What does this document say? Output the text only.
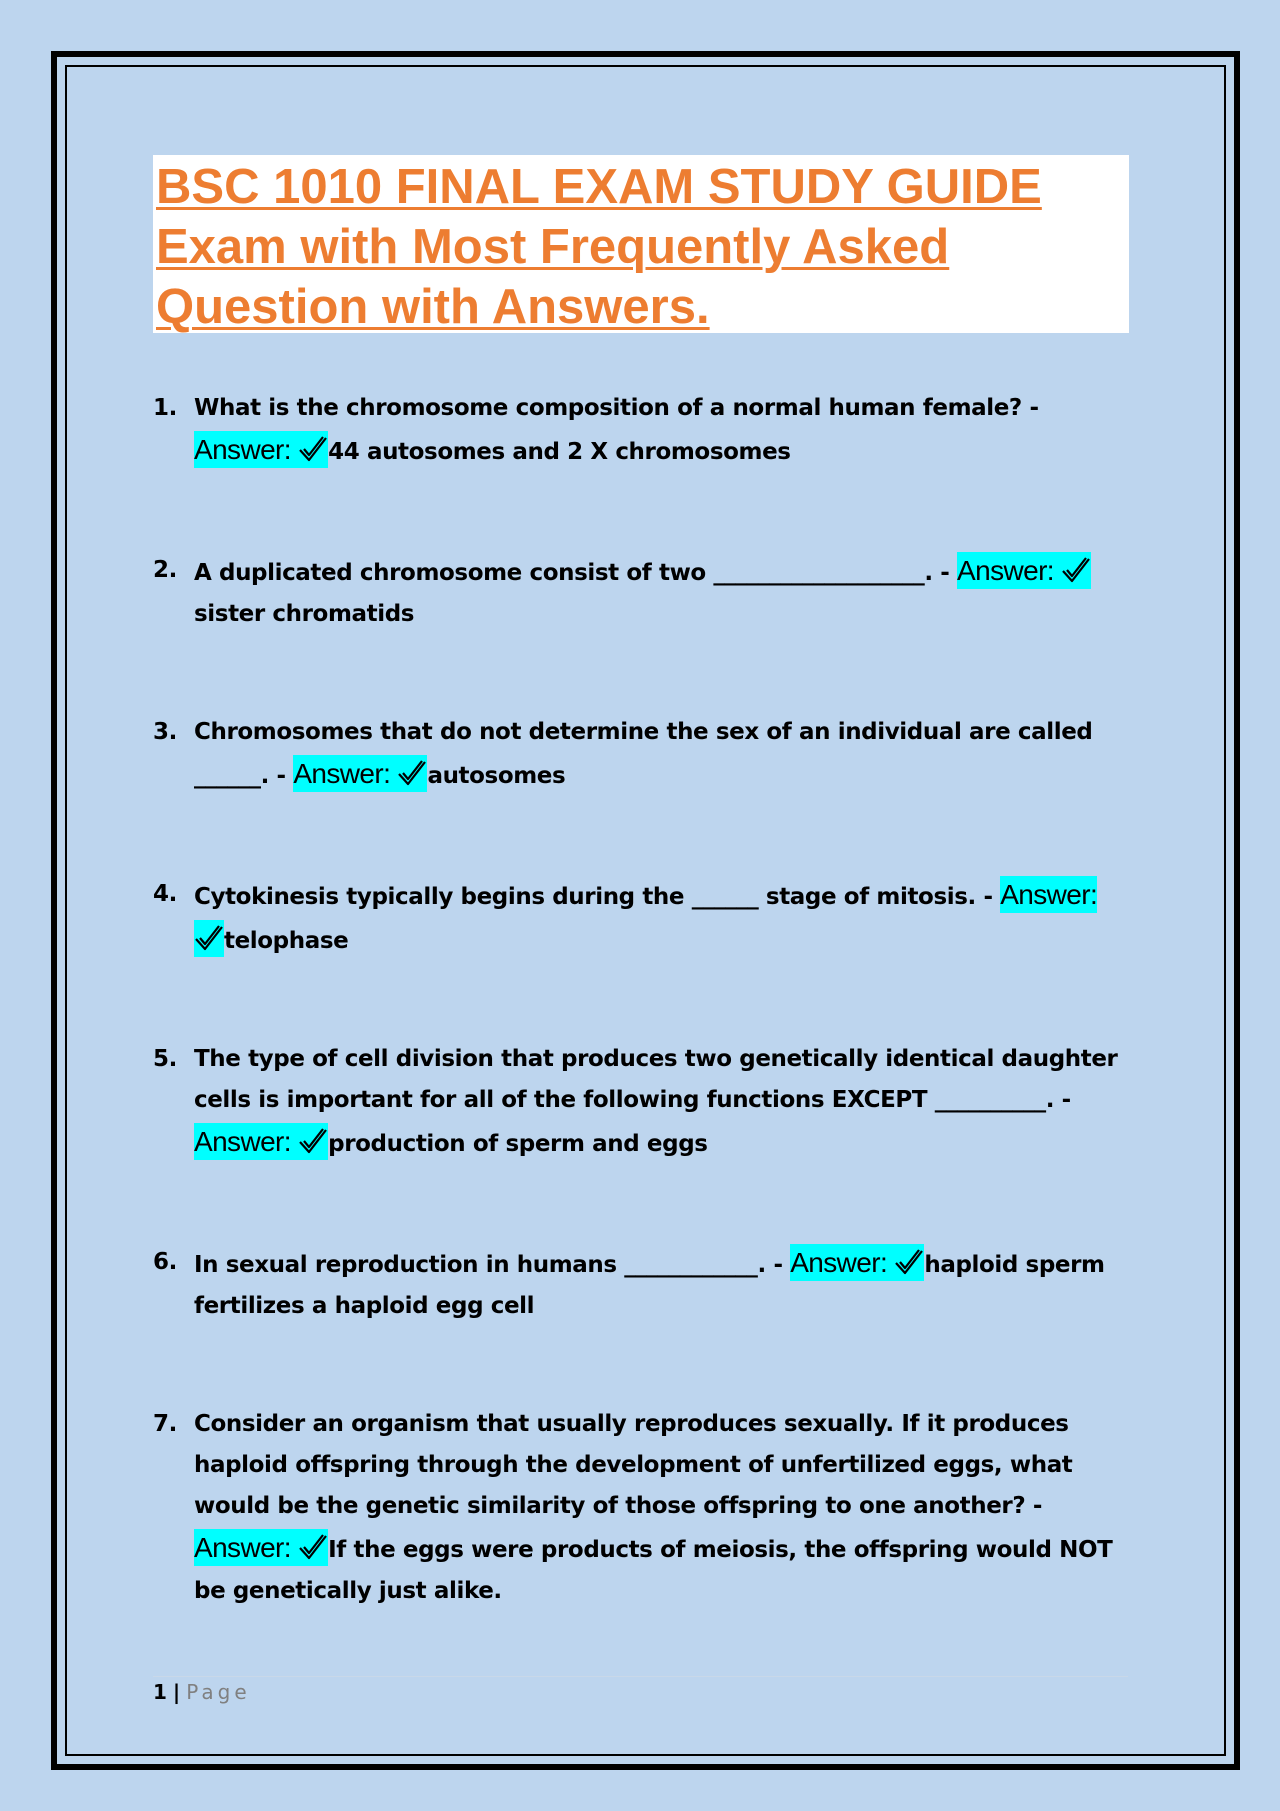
BSC 1010 FINAL EXAM STUDY GUIDE
Exam with Most Frequently Asked
Question with Answers.
1. What is the chromosome composition of a normal human female? - Answer: 44 autosomes and 2 X chromosomes
2. A duplicated chromosome consist of two ___________________. - Answer: sister chromatids
3. Chromosomes that do not determine the sex of an individual are called ______. - Answer: autosomes
4. Cytokinesis typically begins during the ______ stage of mitosis. - Answer: telophase
5. The type of cell division that produces two genetically identical daughter cells is important for all of the following functions EXCEPT __________. - Answer: production of sperm and eggs
6. In sexual reproduction in humans ____________. - Answer: haploid sperm fertilizes a haploid egg cell
7. Consider an organism that usually reproduces sexually. If it produces haploid offspring through the development of unfertilized eggs, what would be the genetic similarity of those offspring to one another? - Answer: If the eggs were products of meiosis, the offspring would NOT be genetically just alike.
1 | Page
